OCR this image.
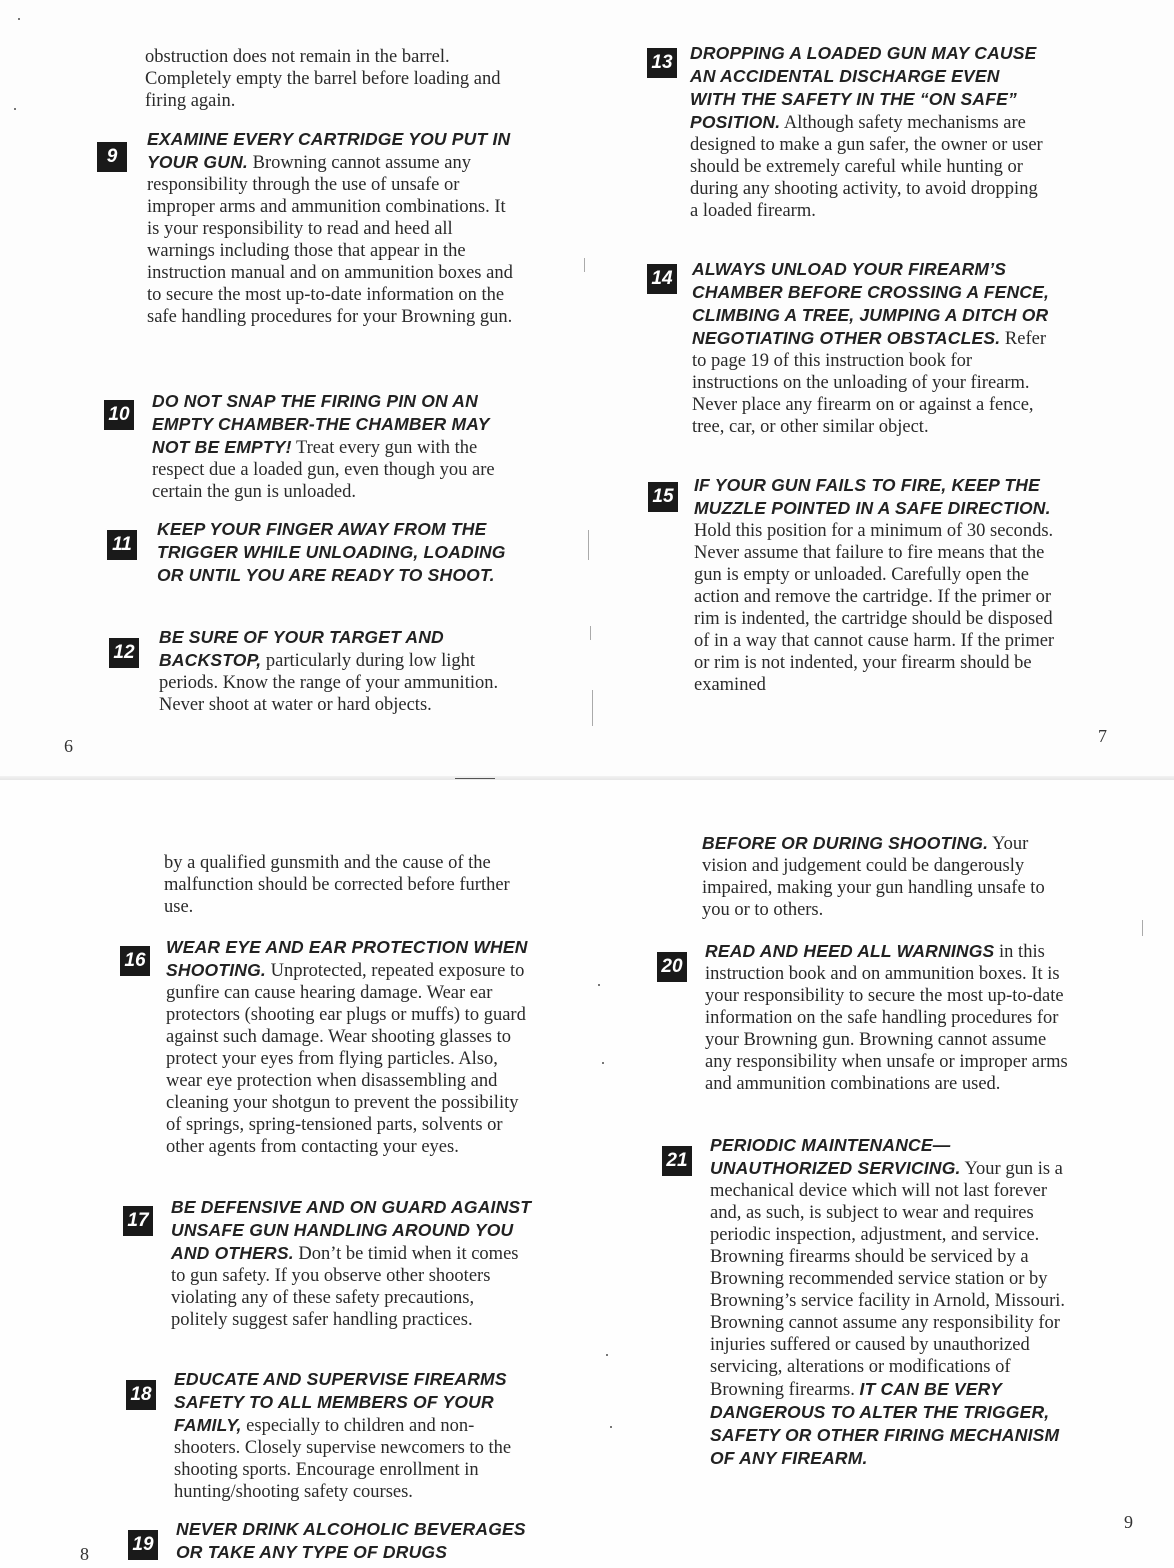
obstruction does not remain in the barrel. Completely empty the barrel before loading and firing again.

9

EXAMINE EVERY CARTRIDGE YOU PUT IN YOUR GUN. Browning cannot assume any responsibility through the use of unsafe or improper arms and ammunition combinations. It is your responsibility to read and heed all warnings including those that appear in the instruction manual and on ammunition boxes and to secure the most up-to-date information on the safe handling procedures for your Browning gun.

10

DO NOT SNAP THE FIRING PIN ON AN EMPTY CHAMBER-THE CHAMBER MAY NOT BE EMPTY! Treat every gun with the respect due a loaded gun, even though you are certain the gun is unloaded.

11

KEEP YOUR FINGER AWAY FROM THE TRIGGER WHILE UNLOADING, LOADING OR UNTIL YOU ARE READY TO SHOOT.

12

BE SURE OF YOUR TARGET AND BACKSTOP, particularly during low light periods. Know the range of your ammunition. Never shoot at water or hard objects.

6
13 DROPPING A LOADED GUN MAY CAUSE AN ACCIDENTAL DISCHARGE EVEN WITH THE SAFETY IN THE “ON SAFE” POSITION. Although safety mechanisms are designed to make a gun safer, the owner or user should be extremely careful while hunting or during any shooting activity, to avoid dropping a loaded firearm.

14 ALWAYS UNLOAD YOUR FIREARM’S CHAMBER BEFORE CROSSING A FENCE, CLIMBING A TREE, JUMPING A DITCH OR NEGOTIATING OTHER OBSTACLES. Refer to page 19 of this instruction book for instructions on the unloading of your firearm. Never place any firearm on or against a fence, tree, car, or other similar object.

15

IF YOUR GUN FAILS TO FIRE, KEEP THE MUZZLE POINTED IN A SAFE DIRECTION. Hold this position for a minimum of 30 seconds. Never assume that failure to fire means that the gun is empty or unloaded. Carefully open the action and remove the cartridge. If the primer or rim is indented, the cartridge should be disposed of in a way that cannot cause harm. If the primer or rim is not indented, your firearm should be examined

7

by a qualified gunsmith and the cause of the malfunction should be corrected before further use.

16

WEAR EYE AND EAR PROTECTION WHEN SHOOTING. Unprotected, repeated exposure to gunfire can cause hearing damage. Wear ear protectors (shooting ear plugs or muffs) to guard against such damage. Wear shooting glasses to protect your eyes from flying particles. Also, wear eye protection when disassembling and cleaning your shotgun to prevent the possibility of springs, spring-tensioned parts, solvents or other agents from contacting your eyes.

17

BE DEFENSIVE AND ON GUARD AGAINST UNSAFE GUN HANDLING AROUND YOU AND OTHERS. Don’t be timid when it comes to gun safety. If you observe other shooters violating any of these safety precautions, politely suggest safer handling practices.

18

EDUCATE AND SUPERVISE FIREARMS SAFETY TO ALL MEMBERS OF YOUR FAMILY, especially to children and non-shooters. Closely supervise newcomers to the shooting sports. Encourage enrollment in hunting/shooting safety courses.

19

NEVER DRINK ALCOHOLIC BEVERAGES OR TAKE ANY TYPE OF DRUGS

8

BEFORE OR DURING SHOOTING. Your vision and judgement could be dangerously impaired, making your gun handling unsafe to you or to others.

20

READ AND HEED ALL WARNINGS in this instruction book and on ammunition boxes. It is your responsibility to secure the most up-to-date information on the safe handling procedures for your Browning gun. Browning cannot assume any responsibility when unsafe or improper arms and ammunition combinations are used.

21

PERIODIC MAINTENANCE— UNAUTHORIZED SERVICING. Your gun is a mechanical device which will not last forever and, as such, is subject to wear and requires periodic inspection, adjustment, and service. Browning firearms should be serviced by a Browning recommended service station or by Browning’s service facility in Arnold, Missouri. Browning cannot assume any responsibility for injuries suffered or caused by unauthorized servicing, alterations or modifications of Browning firearms. IT CAN BE VERY DANGEROUS TO ALTER THE TRIGGER, SAFETY OR OTHER FIRING MECHANISM OF ANY FIREARM.

9
